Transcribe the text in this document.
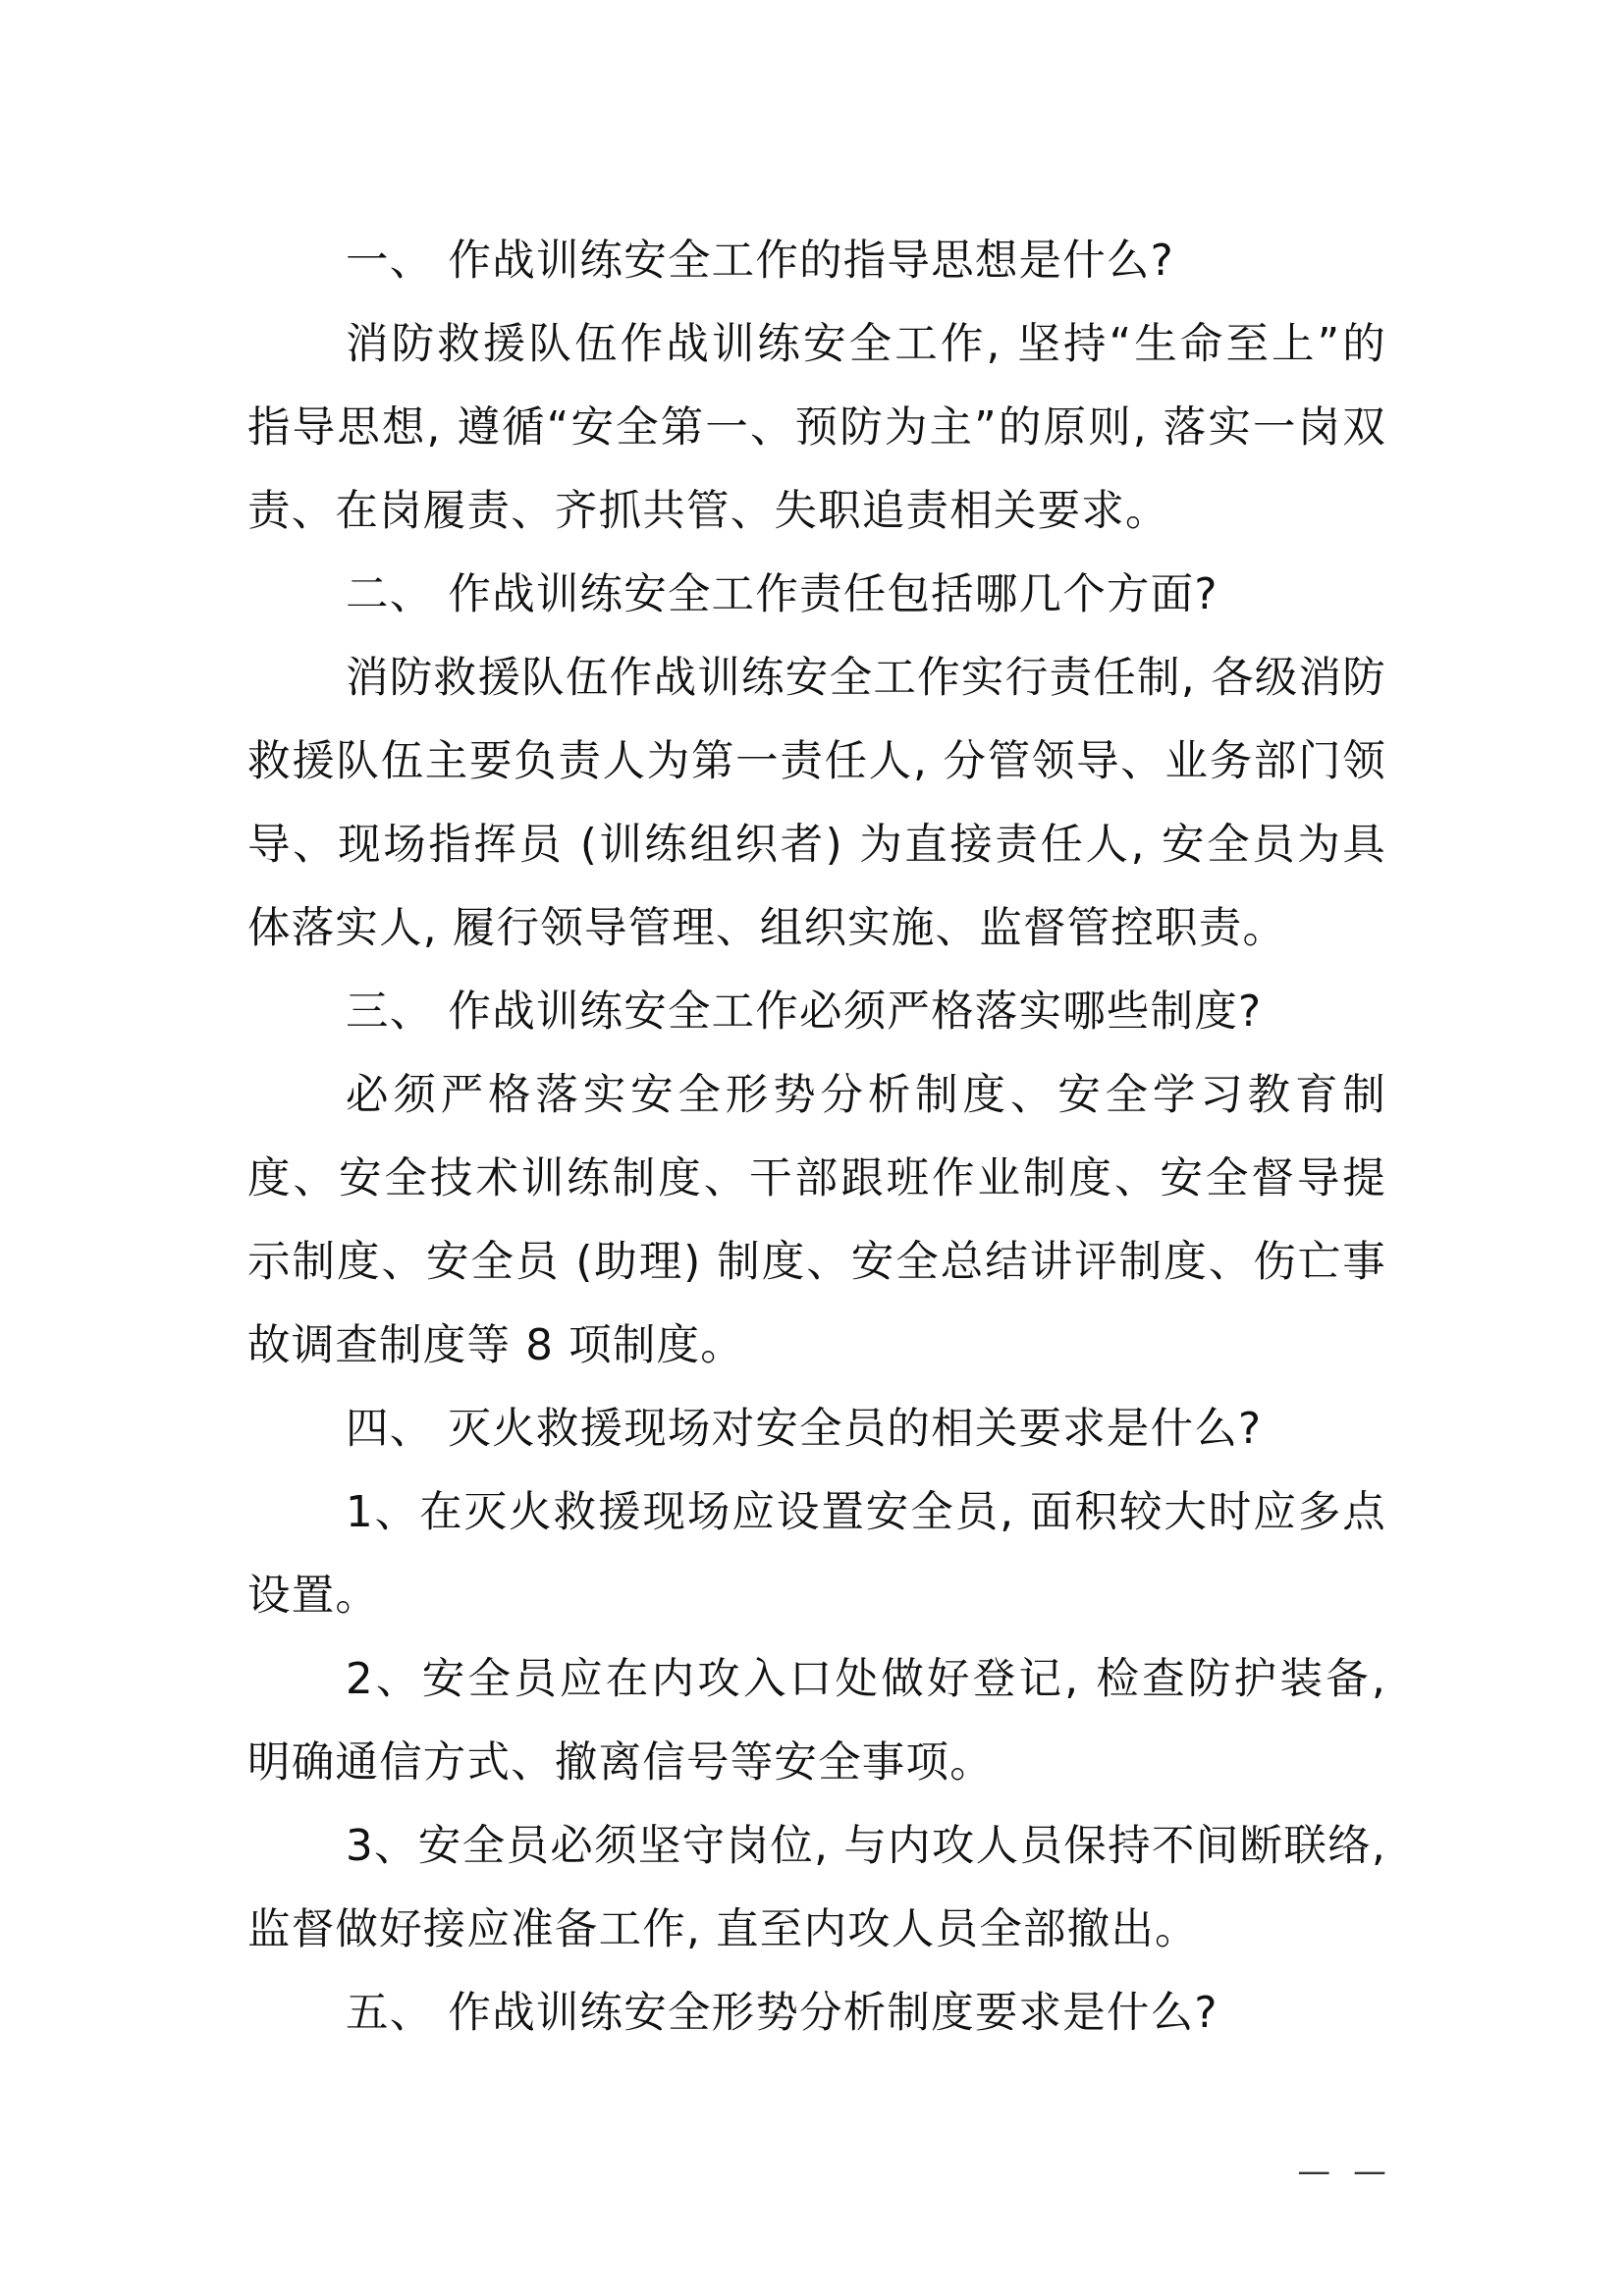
一、 作战训练安全工作的指导思想是什么?

消防救援队伍作战训练安全工作, 坚持“生命至上”的指导思想, 遵循“安全第一、预防为主”的原则, 落实一岗双责、在岗履责、齐抓共管、失职追责相关要求。

二、 作战训练安全工作责任包括哪几个方面?

消防救援队伍作战训练安全工作实行责任制, 各级消防救援队伍主要负责人为第一责任人, 分管领导、业务部门领导、现场指挥员 (训练组织者) 为直接责任人, 安全员为具体落实人, 履行领导管理、组织实施、监督管控职责。

三、 作战训练安全工作必须严格落实哪些制度?

必须严格落实安全形势分析制度、安全学习教育制度、安全技术训练制度、干部跟班作业制度、安全督导提示制度、安全员 (助理) 制度、安全总结讲评制度、伤亡事故调查制度等 8 项制度。

四、 灭火救援现场对安全员的相关要求是什么?

1、在灭火救援现场应设置安全员, 面积较大时应多点设置。

2、安全员应在内攻入口处做好登记, 检查防护装备, 明确通信方式、撤离信号等安全事项。

3、安全员必须坚守岗位, 与内攻人员保持不间断联络, 监督做好接应准备工作, 直至内攻人员全部撤出。

五、 作战训练安全形势分析制度要求是什么?

— —
